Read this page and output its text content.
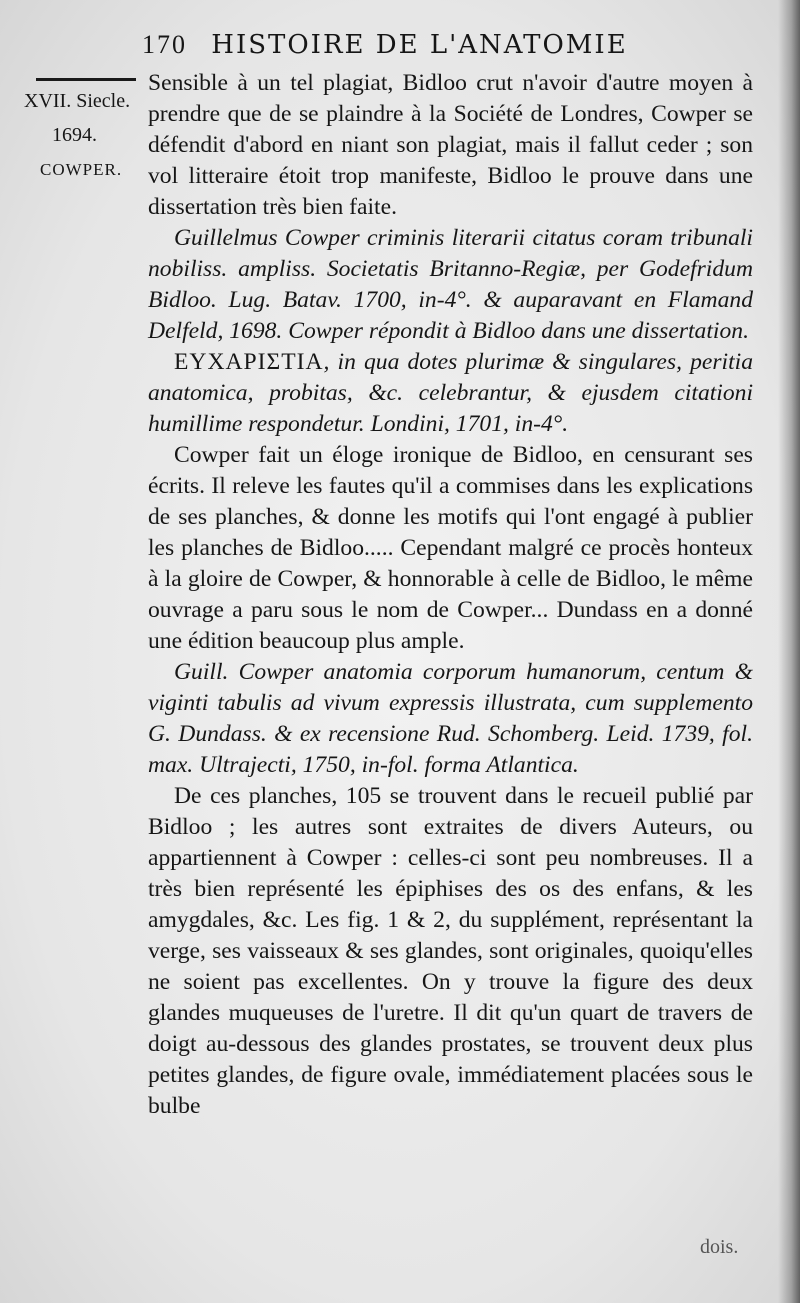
170 HISTOIRE DE L'ANATOMIE
XVII. Siecle.
1694.
COWPER.

Sensible à un tel plagiat, Bidloo crut n'avoir d'autre moyen à prendre que de se plaindre à la Société de Londres, Cowper se défendit d'abord en niant son plagiat, mais il fallut ceder ; son vol litteraire étoit trop manifeste, Bidloo le prouve dans une dissertation très bien faite.

Guillelmus Cowper criminis literarii citatus coram tribunali nobiliss. ampliss. Societatis Britanno-Regiæ, per Godefridum Bidloo. Lug. Batav. 1700, in-4°. & auparavant en Flamand Delfeld, 1698. Cowper répondit à Bidloo dans une dissertation.

ΕΥΧΑΡΙΣΤΙΑ, in qua dotes plurimæ & singulares, peritia anatomica, probitas, &c. celebrantur, & ejusdem citationi humillime respondetur. Londini, 1701, in-4°.

Cowper fait un éloge ironique de Bidloo, en censurant ses écrits. Il releve les fautes qu'il a commises dans les explications de ses planches, & donne les motifs qui l'ont engagé à publier les planches de Bidloo..... Cependant malgré ce procès honteux à la gloire de Cowper, & honnorable à celle de Bidloo, le même ouvrage a paru sous le nom de Cowper... Dundass en a donné une édition beaucoup plus ample.

Guill. Cowper anatomia corporum humanorum, centum & viginti tabulis ad vivum expressis illustrata, cum supplemento G. Dundass. & ex recensione Rud. Schomberg. Leid. 1739, fol. max. Ultrajecti, 1750, in-fol. forma Atlantica.

De ces planches, 105 se trouvent dans le recueil publié par Bidloo ; les autres sont extraites de divers Auteurs, ou appartiennent à Cowper : celles-ci sont peu nombreuses. Il a très bien représenté les épiphises des os des enfans, & les amygdales, &c. Les fig. 1 & 2, du supplément, représentant la verge, ses vaisseaux & ses glandes, sont originales, quoiqu'elles ne soient pas excellentes. On y trouve la figure des deux glandes muqueuses de l'uretre. Il dit qu'un quart de travers de doigt au-dessous des glandes prostates, se trouvent deux plus petites glandes, de figure ovale, immédiatement placées sous le bulbe

dois.
